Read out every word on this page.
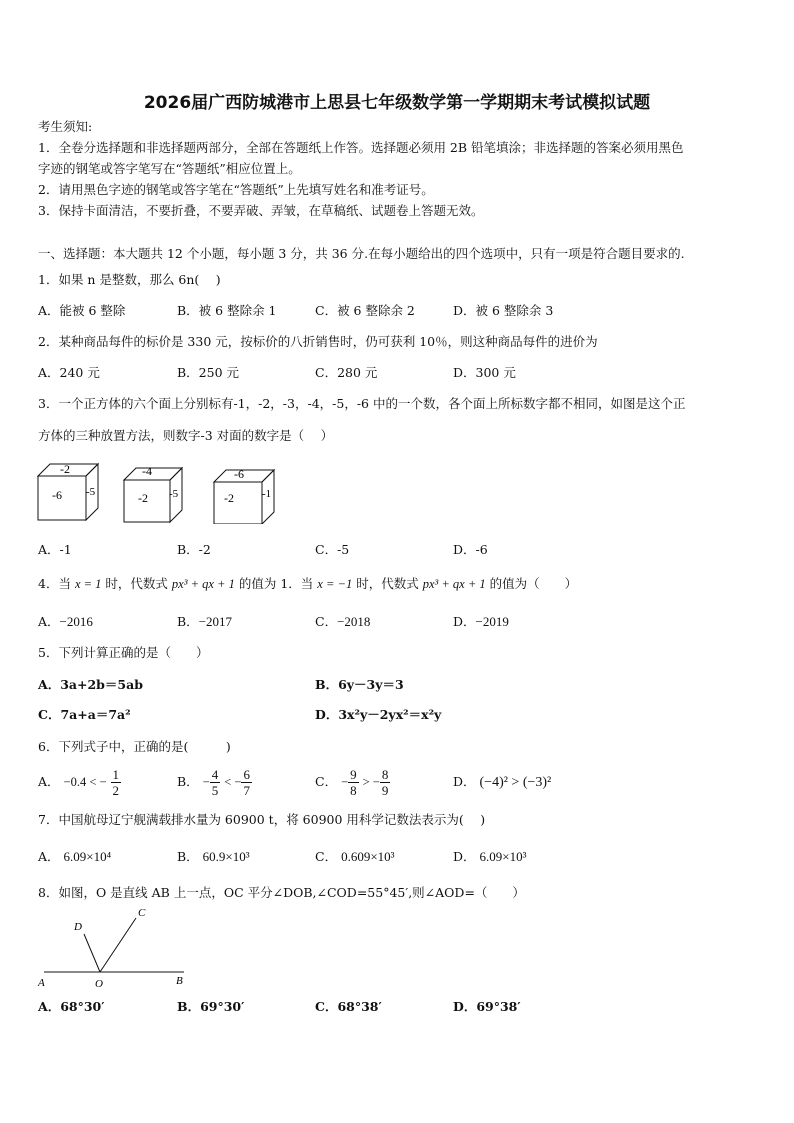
2026届广西防城港市上思县七年级数学第一学期期末考试模拟试题
考生须知:
1．全卷分选择题和非选择题两部分，全部在答题纸上作答。选择题必须用 2B 铅笔填涂；非选择题的答案必须用黑色
字迹的钢笔或答字笔写在“答题纸”相应位置上。
2．请用黑色字迹的钢笔或答字笔在“答题纸”上先填写姓名和准考证号。
3．保持卡面清洁，不要折叠，不要弄破、弄皱，在草稿纸、试题卷上答题无效。
一、选择题：本大题共 12 个小题，每小题 3 分，共 36 分.在每小题给出的四个选项中，只有一项是符合题目要求的.
1．如果 n 是整数，那么 6n(　 )
A．能被 6 整除	B．被 6 整除余 1	C．被 6 整除余 2	D．被 6 整除余 3
2．某种商品每件的标价是 330 元，按标价的八折销售时，仍可获利 10％，则这种商品每件的进价为
A．240 元	B．250 元	C．280 元	D．300 元
3．一个正方体的六个面上分别标有-1，-2，-3，-4，-5，-6 中的一个数，各个面上所标数字都不相同，如图是这个正
方体的三种放置方法，则数字-3 对面的数字是（　 ）
-2
-6 -5
-4
-2 -5
-6
-2	-1
A．-1	B．-2	C．-5	D．-6
4．当 x = 1 时，代数式 px³ + qx + 1 的值为 1．当 x = −1 时，代数式 px³ + qx + 1 的值为（　　）
A．−2016	B．−2017	C．−2018	D．−2019
5．下列计算正确的是（　　）
A．3a+2b＝5ab	B．6y－3y＝3
C．7a+a＝7a²	D．3x²y－2yx²＝x²y
6．下列式子中，正确的是(　　　)
A． −0.4 < − $\frac{1}{2}$	B． − $\frac{4}{5}$ < − $\frac{6}{7}$	C． − $\frac{9}{8}$ > − $\frac{8}{9}$	D． (−4)² > (−3)²
7．中国航母辽宁舰满载排水量为 60900 t，将 60900 用科学记数法表示为(　 )
A． 6.09×10⁴	B． 60.9×10³	C． 0.609×10³	D． 6.09×10³
8．如图，O 是直线 AB 上一点，OC 平分∠DOB,∠COD=55°45′,则∠AOD=（　　）
A	B
C
D
O
A．68°30′	B．69°30′	C．68°38′	D．69°38′
